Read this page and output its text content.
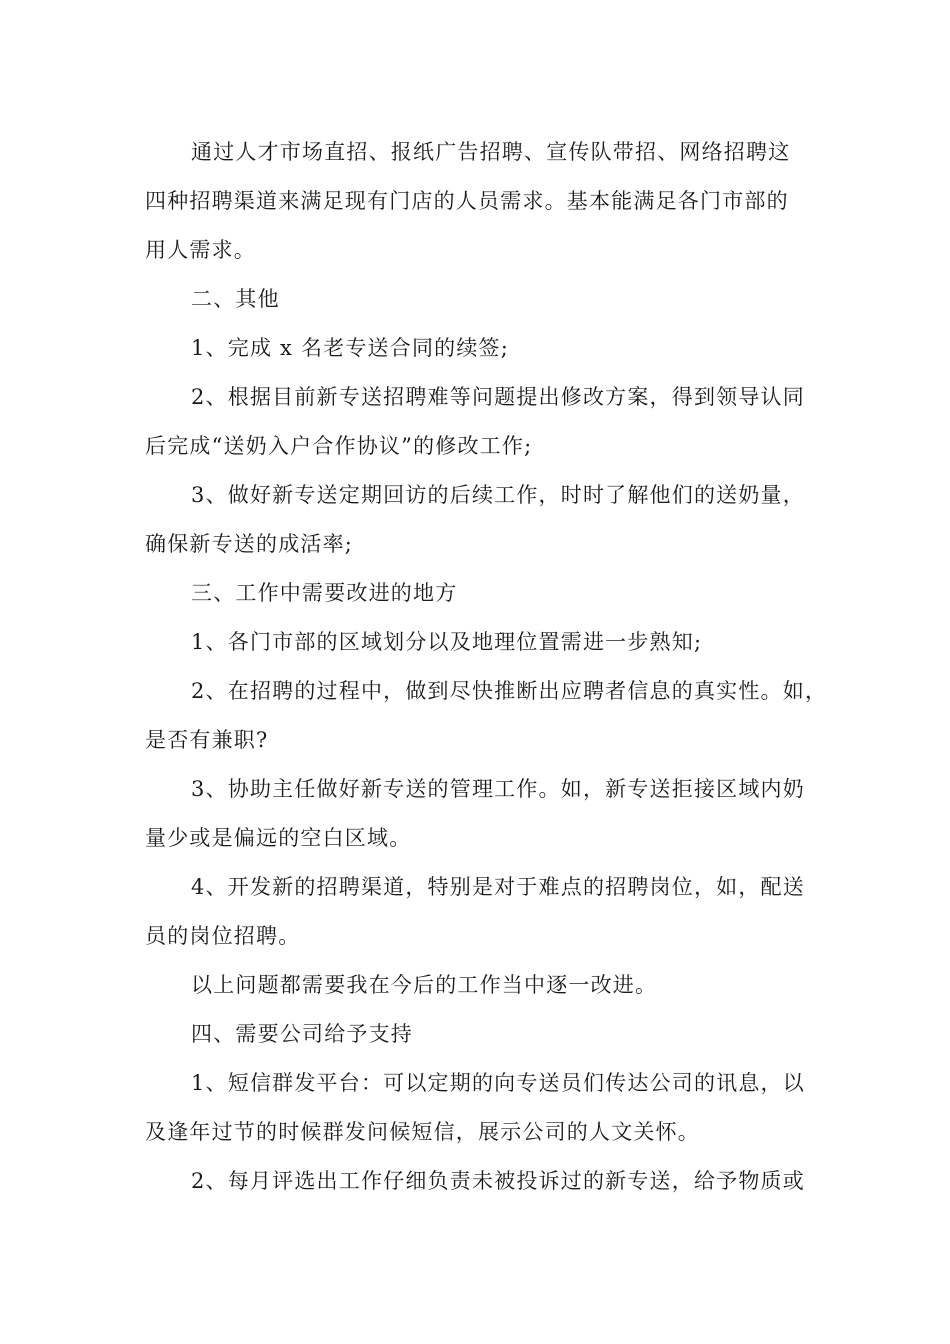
通过人才市场直招、报纸广告招聘、宣传队带招、网络招聘这
四种招聘渠道来满足现有门店的人员需求。基本能满足各门市部的
用人需求。
二、其他
1、完成 x 名老专送合同的续签;
2、根据目前新专送招聘难等问题提出修改方案，得到领导认同
后完成“送奶入户合作协议”的修改工作;
3、做好新专送定期回访的后续工作，时时了解他们的送奶量，
确保新专送的成活率;
三、工作中需要改进的地方
1、各门市部的区域划分以及地理位置需进一步熟知;
2、在招聘的过程中，做到尽快推断出应聘者信息的真实性。如，
是否有兼职?
3、协助主任做好新专送的管理工作。如，新专送拒接区域内奶
量少或是偏远的空白区域。
4、开发新的招聘渠道，特别是对于难点的招聘岗位，如，配送
员的岗位招聘。
以上问题都需要我在今后的工作当中逐一改进。
四、需要公司给予支持
1、短信群发平台：可以定期的向专送员们传达公司的讯息，以
及逢年过节的时候群发问候短信，展示公司的人文关怀。
2、每月评选出工作仔细负责未被投诉过的新专送，给予物质或
